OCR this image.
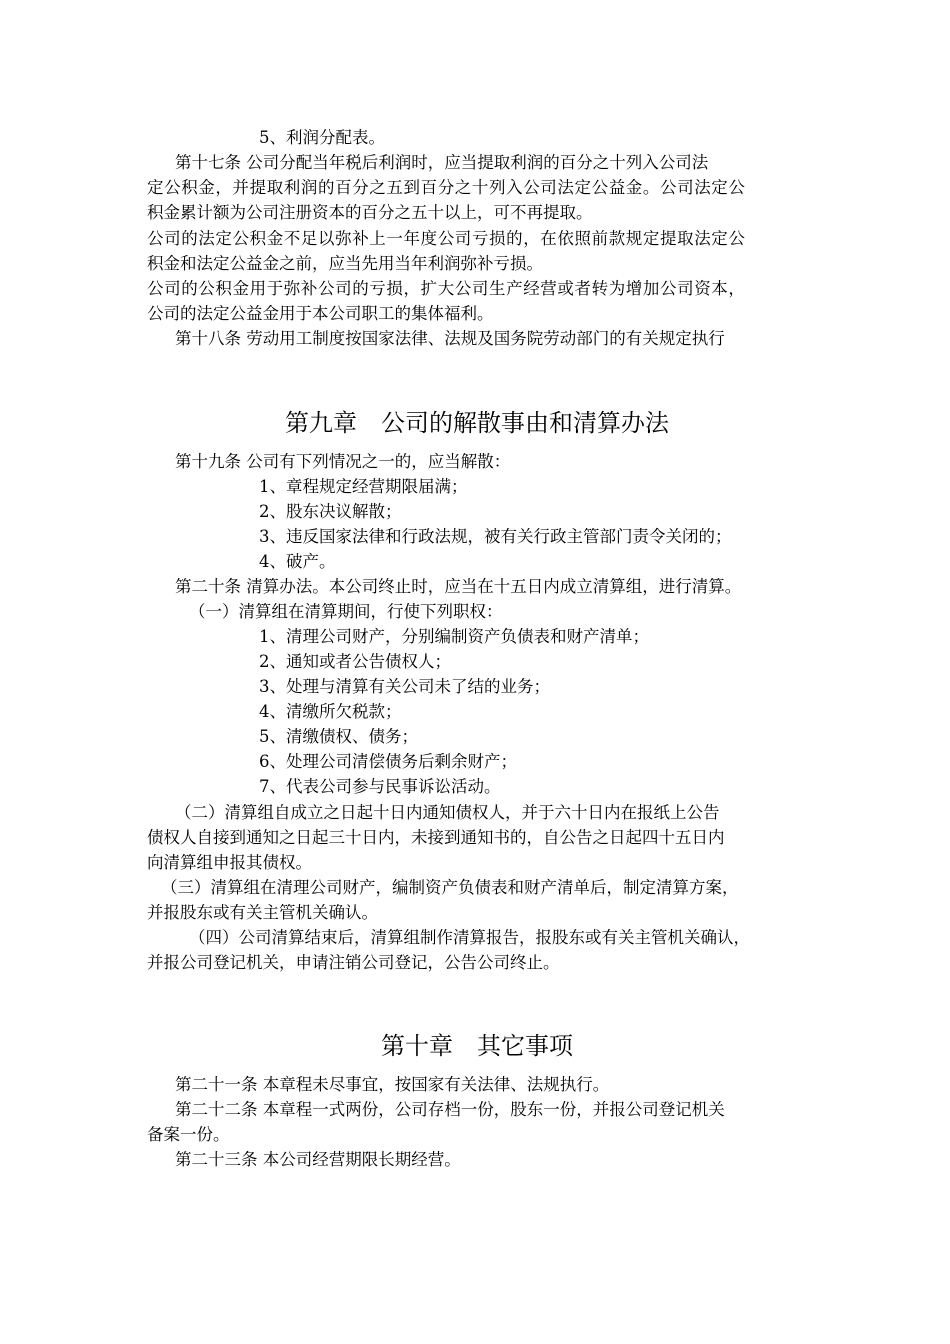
5、利润分配表。
第十七条 公司分配当年税后利润时，应当提取利润的百分之十列入公司法
定公积金，并提取利润的百分之五到百分之十列入公司法定公益金。公司法定公
积金累计额为公司注册资本的百分之五十以上，可不再提取。
公司的法定公积金不足以弥补上一年度公司亏损的，在依照前款规定提取法定公
积金和法定公益金之前，应当先用当年利润弥补亏损。
公司的公积金用于弥补公司的亏损，扩大公司生产经营或者转为增加公司资本，
公司的法定公益金用于本公司职工的集体福利。
第十八条 劳动用工制度按国家法律、法规及国务院劳动部门的有关规定执行
第九章　公司的解散事由和清算办法
第十九条 公司有下列情况之一的，应当解散：
1、章程规定经营期限届满；
2、股东决议解散；
3、违反国家法律和行政法规，被有关行政主管部门责令关闭的；
4、破产。
第二十条 清算办法。本公司终止时，应当在十五日内成立清算组，进行清算。
（一）清算组在清算期间，行使下列职权：
1、清理公司财产，分别编制资产负债表和财产清单；
2、通知或者公告债权人；
3、处理与清算有关公司未了结的业务；
4、清缴所欠税款；
5、清缴债权、债务；
6、处理公司清偿债务后剩余财产；
7、代表公司参与民事诉讼活动。
（二）清算组自成立之日起十日内通知债权人，并于六十日内在报纸上公告
债权人自接到通知之日起三十日内，未接到通知书的，自公告之日起四十五日内
向清算组申报其债权。
（三）清算组在清理公司财产，编制资产负债表和财产清单后，制定清算方案，
并报股东或有关主管机关确认。
（四）公司清算结束后，清算组制作清算报告，报股东或有关主管机关确认，
并报公司登记机关，申请注销公司登记，公告公司终止。
第十章　其它事项
第二十一条 本章程未尽事宜，按国家有关法律、法规执行。
第二十二条 本章程一式两份，公司存档一份，股东一份，并报公司登记机关
备案一份。
第二十三条 本公司经营期限长期经营。
